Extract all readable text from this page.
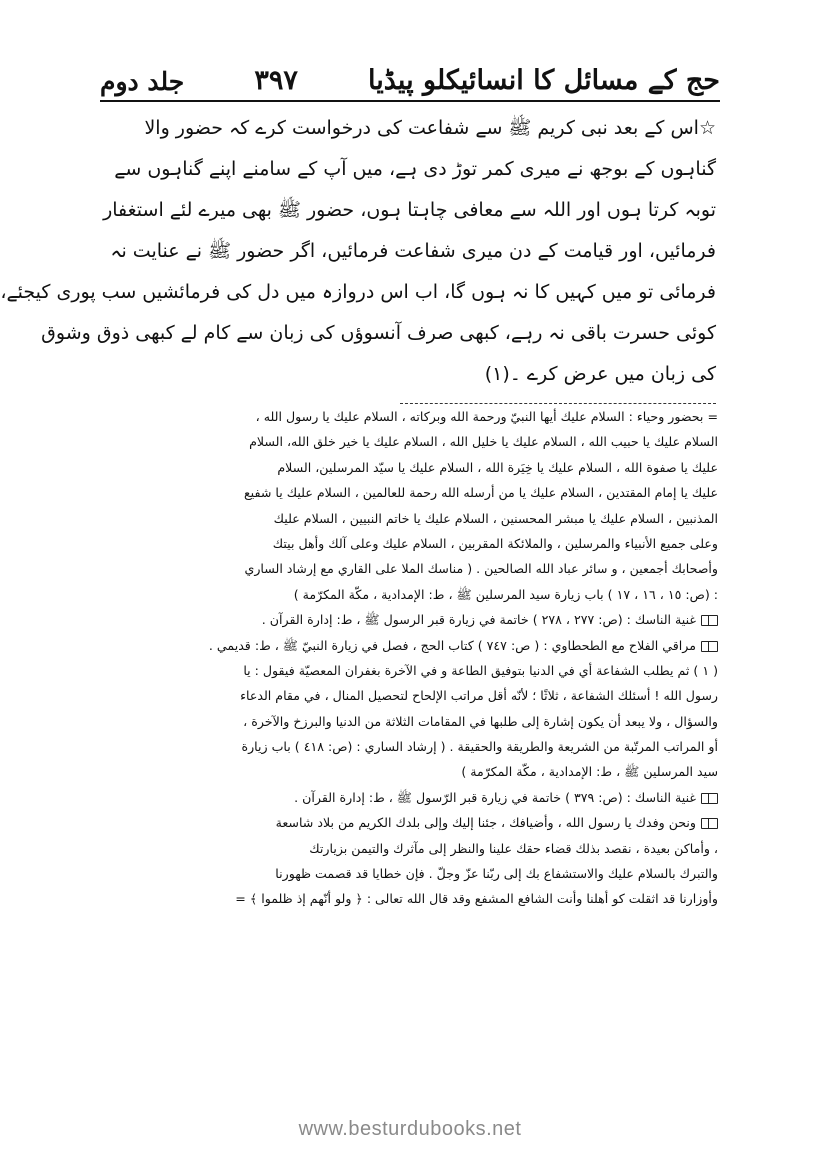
جلد دوم	۳۹۷	حج کے مسائل کا انسائیکلو پیڈیا
☆اس کے بعد نبی کریم ﷺ سے شفاعت کی درخواست کرے کہ حضور والا
گناہوں کے بوجھ نے میری کمر توڑ دی ہے، میں آپ کے سامنے اپنے گناہوں سے
توبہ کرتا ہوں اور اللہ سے معافی چاہتا ہوں، حضور ﷺ بھی میرے لئے استغفار
فرمائیں، اور قیامت کے دن میری شفاعت فرمائیں، اگر حضور ﷺ نے عنایت نہ
فرمائی تو میں کہیں کا نہ ہوں گا، اب اس دروازہ میں دل کی فرمائشیں سب پوری کیجئے،
کوئی حسرت باقی نہ رہے، کبھی صرف آنسوؤں کی زبان سے کام لے کبھی ذوق وشوق
کی زبان میں عرض کرے ۔(۱)
= بحضور وحياء : السلام عليك أيها النبيّ ورحمة الله وبركاته ، السلام عليك يا رسول الله ،
السلام عليك يا حبيب الله ، السلام عليك يا خليل الله ، السلام عليك يا خير خلق الله، السلام
عليك يا صفوة الله ، السلام عليك يا خِيَرة الله ، السلام عليك يا سيّد المرسلين، السلام
عليك يا إمام المقتدين ، السلام عليك يا من أرسله الله رحمة للعالمين ، السلام عليك يا شفيع
المذنبين ، السلام عليك يا مبشر المحسنين ، السلام عليك يا خاتم النبيين ، السلام عليك
وعلى جميع الأنبياء والمرسلين ، والملائكة المقربين ، السلام عليك وعلى آلك وأهل بيتك
وأصحابك أجمعين ، و سائر عباد الله الصالحين . ( مناسك الملا على القاري مع إرشاد الساري
: (ص: ١٥ ، ١٦ ، ١٧ ) باب زيارة سيد المرسلين ﷺ ، ط: الإمدادية ، مكّة المكرّمة )
غنية الناسك : (ص: ٢٧٧ ، ٢٧٨ ) خاتمة في زيارة قبر الرسول ﷺ ، ط: إدارة القرآن .
مراقي الفلاح مع الطحطاوي : ( ص: ٧٤٧ ) كتاب الحج ، فصل في زيارة النبيّ ﷺ ، ط: قديمي .
( ١ ) ثم يطلب الشفاعة أي في الدنيا بتوفيق الطاعة و في الآخرة بغفران المعصيّة فيقول : يا
رسول الله ! أسئلك الشفاعة ، ثلاثًا ؛ لأنّه أقل مراتب الإلحاح لتحصيل المنال ، في مقام الدعاء
والسؤال ، ولا يبعد أن يكون إشارة إلى طلبها في المقامات الثلاثة من الدنيا والبرزخ والآخرة ،
أو المراتب المرتّبة من الشريعة والطريقة والحقيقة . ( إرشاد الساري : (ص: ٤١٨ ) باب زيارة
سيد المرسلين ﷺ ، ط: الإمدادية ، مكّة المكرّمة )
غنية الناسك : (ص: ٣٧٩ ) خاتمة في زيارة قبر الرّسول ﷺ ، ط: إدارة القرآن .
ونحن وفدك يا رسول الله ، وأضيافك ، جئنا إليك وإلى بلدك الكريم من بلاد شاسعة
، وأماكن بعيدة ، نقصد بذلك قضاء حقك علينا والنظر إلى مآثرك والتيمن بزيارتك
والتبرك بالسلام عليك والاستشفاع بك إلى ربّنا عزّ وجلّ . فإن خطايا قد قصمت ظهورنا
وأوزارنا قد اثقلت كو أهلنا وأنت الشافع المشفع وقد قال الله تعالى : ﴿ ولو أنّهم إذ ظلموا ﴾ =
www.besturdubooks.net
